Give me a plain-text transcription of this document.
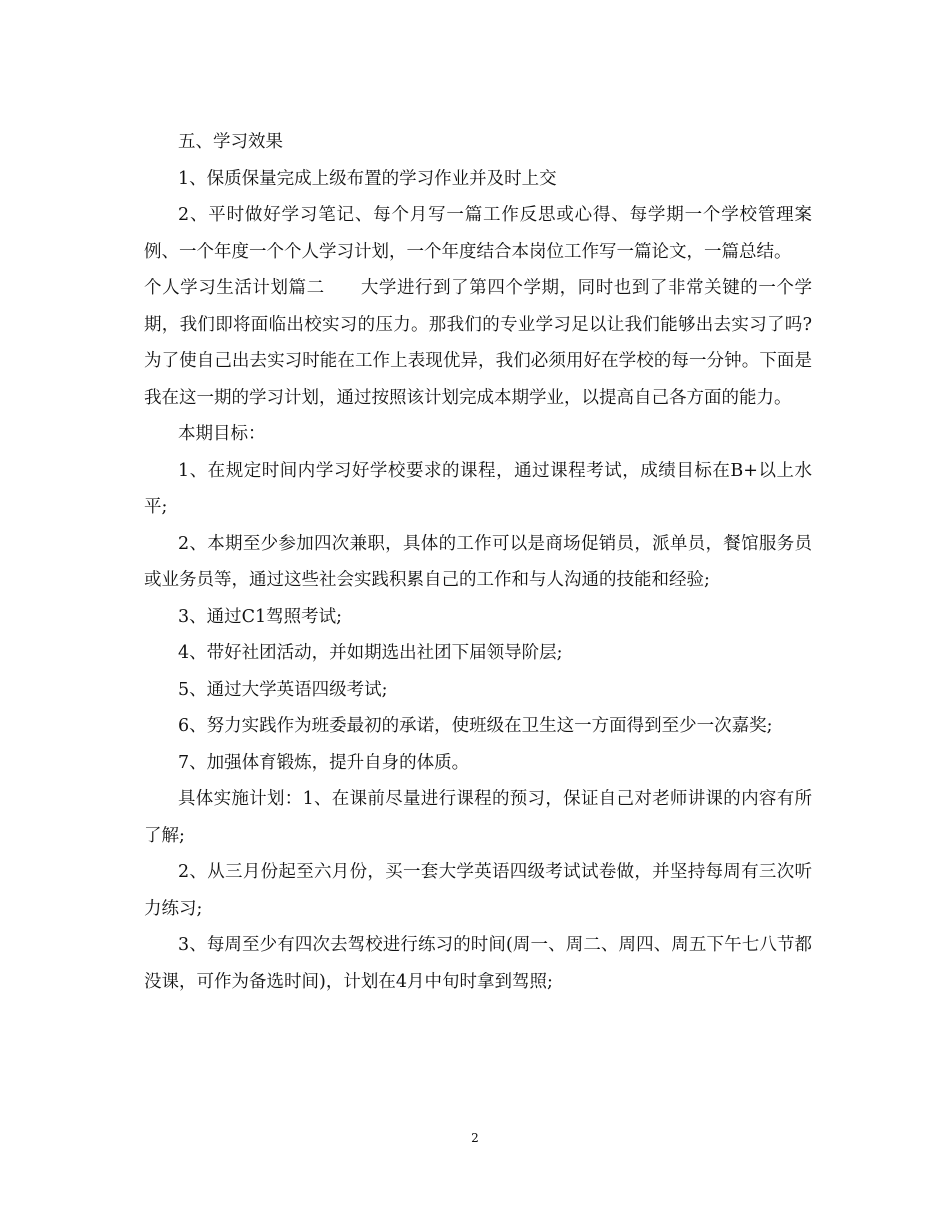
五、学习效果

1、保质保量完成上级布置的学习作业并及时上交

2、平时做好学习笔记、每个月写一篇工作反思或心得、每学期一个学校管理案例、一个年度一个个人学习计划，一个年度结合本岗位工作写一篇论文，一篇总结。

个人学习生活计划篇二　　大学进行到了第四个学期，同时也到了非常关键的一个学期，我们即将面临出校实习的压力。那我们的专业学习足以让我们能够出去实习了吗?为了使自己出去实习时能在工作上表现优异，我们必须用好在学校的每一分钟。下面是我在这一期的学习计划，通过按照该计划完成本期学业，以提高自己各方面的能力。

本期目标：

1、在规定时间内学习好学校要求的课程，通过课程考试，成绩目标在B+以上水平;

2、本期至少参加四次兼职，具体的工作可以是商场促销员，派单员，餐馆服务员或业务员等，通过这些社会实践积累自己的工作和与人沟通的技能和经验;

3、通过C1驾照考试;

4、带好社团活动，并如期选出社团下届领导阶层;

5、通过大学英语四级考试;

6、努力实践作为班委最初的承诺，使班级在卫生这一方面得到至少一次嘉奖;

7、加强体育锻炼，提升自身的体质。

具体实施计划：1、在课前尽量进行课程的预习，保证自己对老师讲课的内容有所了解;

2、从三月份起至六月份，买一套大学英语四级考试试卷做，并坚持每周有三次听力练习;

3、每周至少有四次去驾校进行练习的时间(周一、周二、周四、周五下午七八节都没课，可作为备选时间)，计划在4月中旬时拿到驾照;

2
